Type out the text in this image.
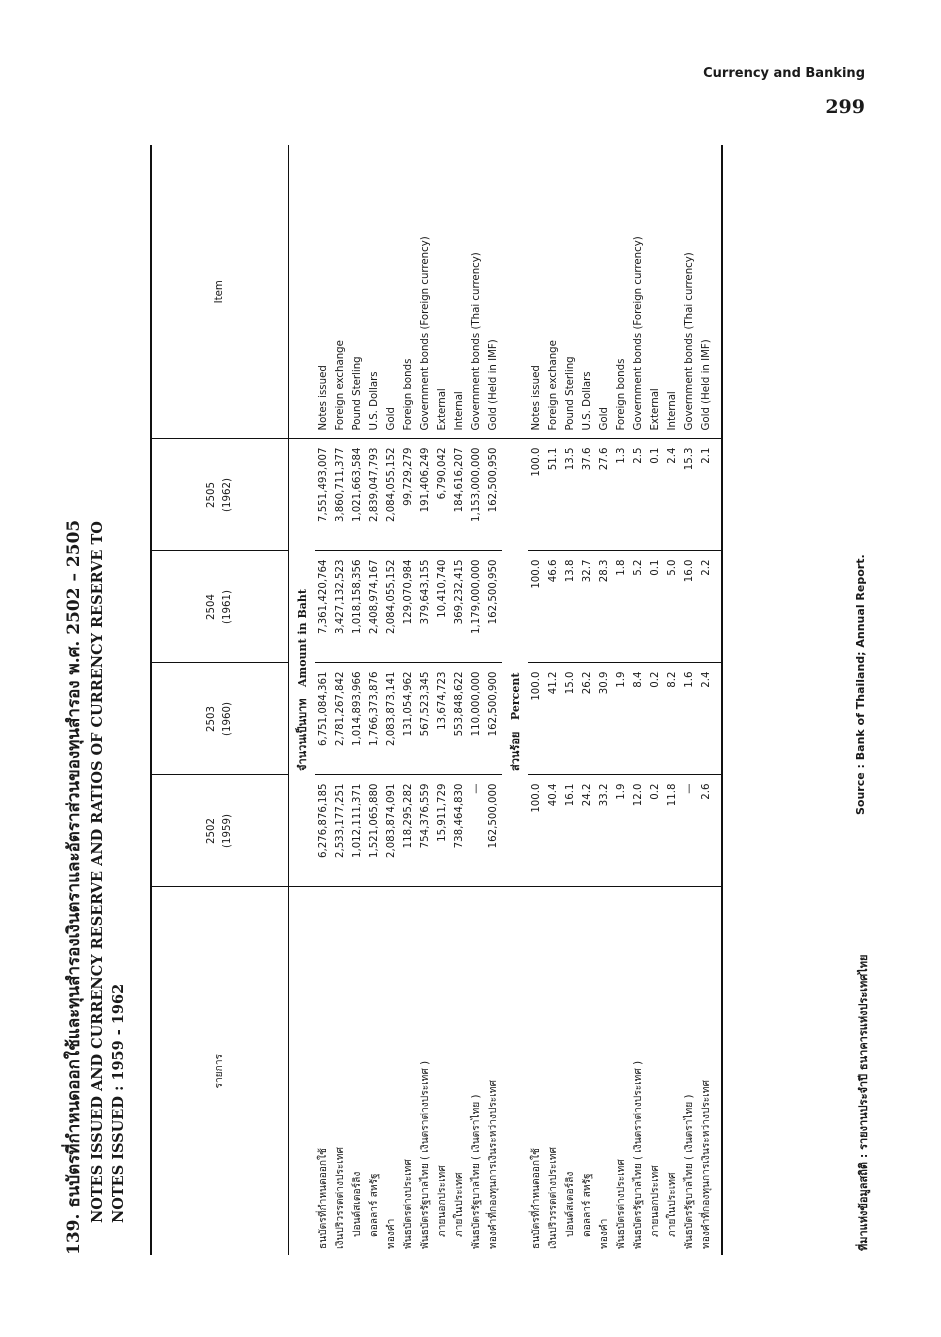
Currency and Banking
299
139. ธนบัตรที่กำหนดออกใช้และทุนสำรองเงินตราและอัตราส่วนของทุนสำรอง พ.ศ. 2502 – 2505 NOTES ISSUED AND CURRENCY RESERVE AND RATIOS OF CURRENCY RESERVE TO NOTES ISSUED : 1959 - 1962	รายการ	2502 (1959)	2503 (1960)	2504 (1961)	2505 (1962)	Item
		จำนวนเป็นบาท   Amount in Baht			
ธนบัตรที่กำหนดออกใช้	6,276,876,185	6,751,084,361	7,361,420,764	7,551,493,007	Notes issued
เงินปริวรรตต่างประเทศ	2,533,177,251	2,781,267,842	3,427,132,523	3,860,711,377	Foreign exchange
ปอนด์สเตอร์ลิง	1,012,111,371	1,014,893,966	1,018,158,356	1,021,663,584	Pound Sterling
ดอลลาร์ สหรัฐ	1,521,065,880	1,766,373,876	2,408,974,167	2,839,047,793	U.S. Dollars
ทองคำ	2,083,874,091	2,083,873,141	2,084,055,152	2,084,055,152	Gold
พันธบัตรต่างประเทศ	118,295,282	131,054,962	129,070,984	99,729,279	Foreign bonds
พันธบัตรรัฐบาลไทย ( เงินตราต่างประเทศ )	754,376,559	567,523,345	379,643,155	191,406,249	Government bonds (Foreign currency)
ภายนอกประเทศ	15,911,729	13,674,723	10,410,740	6,790,042	External
ภายในประเทศ	738,464,830	553,848,622	369,232,415	184,616,207	Internal
พันธบัตรรัฐบาลไทย ( เงินตราไทย )	—	110,000,000	1,179,000,000	1,153,000,000	Government bonds (Thai currency)
ทองคำที่กองทุนการเงินระหว่างประเทศ	162,500,000	162,500,900	162,500,950	162,500,950	Gold (Held in IMF)
		ส่วนร้อย   Percent			
ธนบัตรที่กำหนดออกใช้	100.0	100.0	100.0	100.0	Notes issued
เงินปริวรรตต่างประเทศ	40.4	41.2	46.6	51.1	Foreign exchange
ปอนด์สเตอร์ลิง	16.1	15.0	13.8	13.5	Pound Sterling
ดอลลาร์ สหรัฐ	24.2	26.2	32.7	37.6	U.S. Dollars
ทองคำ	33.2	30.9	28.3	27.6	Gold
พันธบัตรต่างประเทศ	1.9	1.9	1.8	1.3	Foreign bonds
พันธบัตรรัฐบาลไทย ( เงินตราต่างประเทศ )	12.0	8.4	5.2	2.5	Government bonds (Foreign currency)
ภายนอกประเทศ	0.2	0.2	0.1	0.1	External
ภายในประเทศ	11.8	8.2	5.0	2.4	Internal
พันธบัตรรัฐบาลไทย ( เงินตราไทย )	—	1.6	16.0	15.3	Government bonds (Thai currency)
ทองคำที่กองทุนการเงินระหว่างประเทศ	2.6	2.4	2.2	2.1	Gold (Held in IMF)

ที่มาแห่งข้อมูลสถิติ : รายงานประจำปี ธนาคารแห่งประเทศไทย
Source : Bank of Thailand; Annual Report.
